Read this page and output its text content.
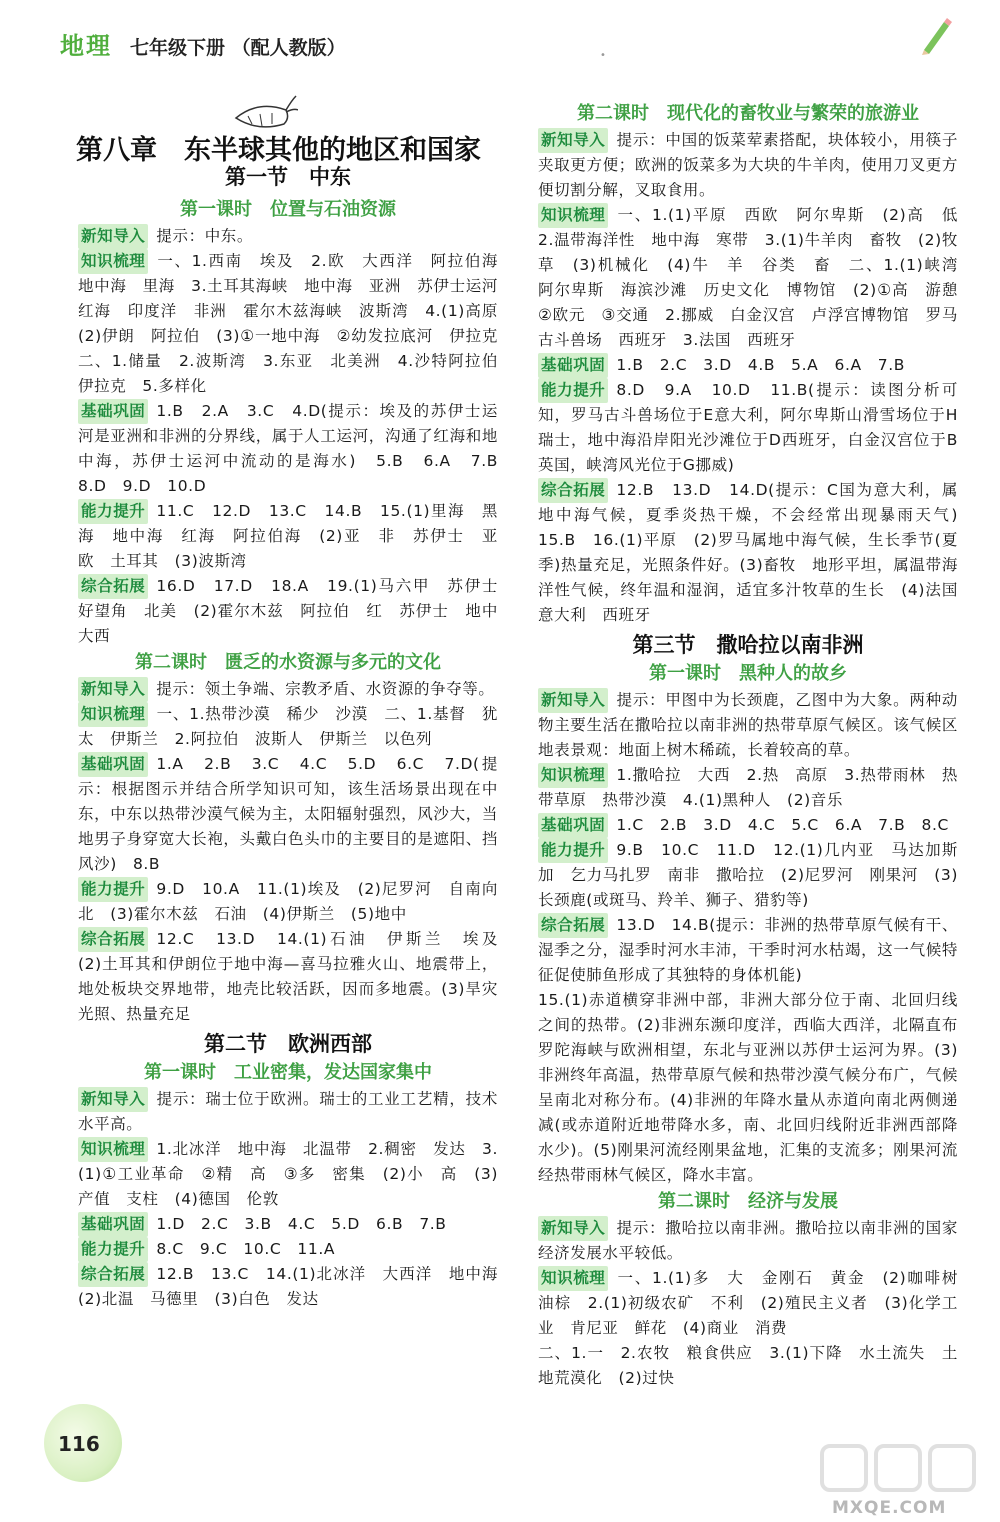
地理 七年级下册 （配人教版）	•
第八章　东半球其他的地区和国家
第一节　中东
第一课时　位置与石油资源

新知导入 提示：中东。

知识梳理 一、1.西南　埃及　2.欧　大西洋　阿拉伯海　地中海　里海　3.土耳其海峡　地中海　亚洲　苏伊士运河　红海　印度洋　非洲　霍尔木兹海峡　波斯湾　4.(1)高原　(2)伊朗　阿拉伯　(3)①一地中海　②幼发拉底河　伊拉克　二、1.储量　2.波斯湾　3.东亚　北美洲　4.沙特阿拉伯　伊拉克　5.多样化

基础巩固 1.B　2.A　3.C　4.D(提示：埃及的苏伊士运河是亚洲和非洲的分界线，属于人工运河，沟通了红海和地中海，苏伊士运河中流动的是海水)　5.B　6.A　7.B　8.D　9.D　10.D

能力提升 11.C　12.D　13.C　14.B　15.(1)里海　黑海　地中海　红海　阿拉伯海　(2)亚　非　苏伊士　亚　欧　土耳其　(3)波斯湾

综合拓展 16.D　17.D　18.A　19.(1)马六甲　苏伊士　好望角　北美　(2)霍尔木兹　阿拉伯　红　苏伊士　地中　大西

第二课时　匮乏的水资源与多元的文化

新知导入 提示：领土争端、宗教矛盾、水资源的争夺等。

知识梳理 一、1.热带沙漠　稀少　沙漠　二、1.基督　犹太　伊斯兰　2.阿拉伯　波斯人　伊斯兰　以色列

基础巩固 1.A　2.B　3.C　4.C　5.D　6.C　7.D(提示：根据图示并结合所学知识可知，该生活场景出现在中东，中东以热带沙漠气候为主，太阳辐射强烈，风沙大，当地男子身穿宽大长袍，头戴白色头巾的主要目的是遮阳、挡风沙)　8.B

能力提升 9.D　10.A　11.(1)埃及　(2)尼罗河　自南向北　(3)霍尔木兹　石油　(4)伊斯兰　(5)地中

综合拓展 12.C　13.D　14.(1)石油　伊斯兰　埃及　(2)土耳其和伊朗位于地中海—喜马拉雅火山、地震带上，地处板块交界地带，地壳比较活跃，因而多地震。(3)旱灾　光照、热量充足

第二节　欧洲西部
第一课时　工业密集，发达国家集中

新知导入 提示：瑞士位于欧洲。瑞士的工业工艺精，技术水平高。

知识梳理 1.北冰洋　地中海　北温带　2.稠密　发达　3.(1)①工业革命　②精　高　③多　密集　(2)小　高　(3)产值　支柱　(4)德国　伦敦

基础巩固 1.D　2.C　3.B　4.C　5.D　6.B　7.B

能力提升 8.C　9.C　10.C　11.A

综合拓展 12.B　13.C　14.(1)北冰洋　大西洋　地中海　(2)北温　马德里　(3)白色　发达

第二课时　现代化的畜牧业与繁荣的旅游业

新知导入 提示：中国的饭菜荤素搭配，块体较小，用筷子夹取更方便；欧洲的饭菜多为大块的牛羊肉，使用刀叉更方便切割分解，叉取食用。

知识梳理 一、1.(1)平原　西欧　阿尔卑斯　(2)高　低　2.温带海洋性　地中海　寒带　3.(1)牛羊肉　畜牧　(2)牧草　(3)机械化　(4)牛　羊　谷类　畜　二、1.(1)峡湾　阿尔卑斯　海滨沙滩　历史文化　博物馆　(2)①高　游憩　②欧元　③交通　2.挪威　白金汉宫　卢浮宫博物馆　罗马古斗兽场　西班牙　3.法国　西班牙

基础巩固 1.B　2.C　3.D　4.B　5.A　6.A　7.B

能力提升 8.D　9.A　10.D　11.B(提示：读图分析可知，罗马古斗兽场位于E意大利，阿尔卑斯山滑雪场位于H瑞士，地中海沿岸阳光沙滩位于D西班牙，白金汉宫位于B英国，峡湾风光位于G挪威)

综合拓展 12.B　13.D　14.D(提示：C国为意大利，属地中海气候，夏季炎热干燥，不会经常出现暴雨天气)　15.B　16.(1)平原　(2)罗马属地中海气候，生长季节(夏季)热量充足，光照条件好。(3)畜牧　地形平坦，属温带海洋性气候，终年温和湿润，适宜多汁牧草的生长　(4)法国　意大利　西班牙

第三节　撒哈拉以南非洲
第一课时　黑种人的故乡

新知导入 提示：甲图中为长颈鹿，乙图中为大象。两种动物主要生活在撒哈拉以南非洲的热带草原气候区。该气候区地表景观：地面上树木稀疏，长着较高的草。

知识梳理 1.撒哈拉　大西　2.热　高原　3.热带雨林　热带草原　热带沙漠　4.(1)黑种人　(2)音乐

基础巩固 1.C　2.B　3.D　4.C　5.C　6.A　7.B　8.C

能力提升 9.B　10.C　11.D　12.(1)几内亚　马达加斯加　乞力马扎罗　南非　撒哈拉　(2)尼罗河　刚果河　(3)长颈鹿(或斑马、羚羊、狮子、猎豹等)

综合拓展 13.D　14.B(提示：非洲的热带草原气候有干、湿季之分，湿季时河水丰沛，干季时河水枯竭，这一气候特征促使肺鱼形成了其独特的身体机能)

15.(1)赤道横穿非洲中部，非洲大部分位于南、北回归线之间的热带。(2)非洲东濒印度洋，西临大西洋，北隔直布罗陀海峡与欧洲相望，东北与亚洲以苏伊士运河为界。(3)非洲终年高温，热带草原气候和热带沙漠气候分布广，气候呈南北对称分布。(4)非洲的年降水量从赤道向南北两侧递减(或赤道附近地带降水多，南、北回归线附近非洲西部降水少)。(5)刚果河流经刚果盆地，汇集的支流多；刚果河流经热带雨林气候区，降水丰富。

第二课时　经济与发展

新知导入 提示：撒哈拉以南非洲。撒哈拉以南非洲的国家经济发展水平较低。

知识梳理 一、1.(1)多　大　金刚石　黄金　(2)咖啡树　油棕　2.(1)初级农矿　不利　(2)殖民主义者　(3)化学工业　肯尼亚　鲜花　(4)商业　消费

二、1.一　2.农牧　粮食供应　3.(1)下降　水土流失　土地荒漠化　(2)过快

116
MXQE.COM
